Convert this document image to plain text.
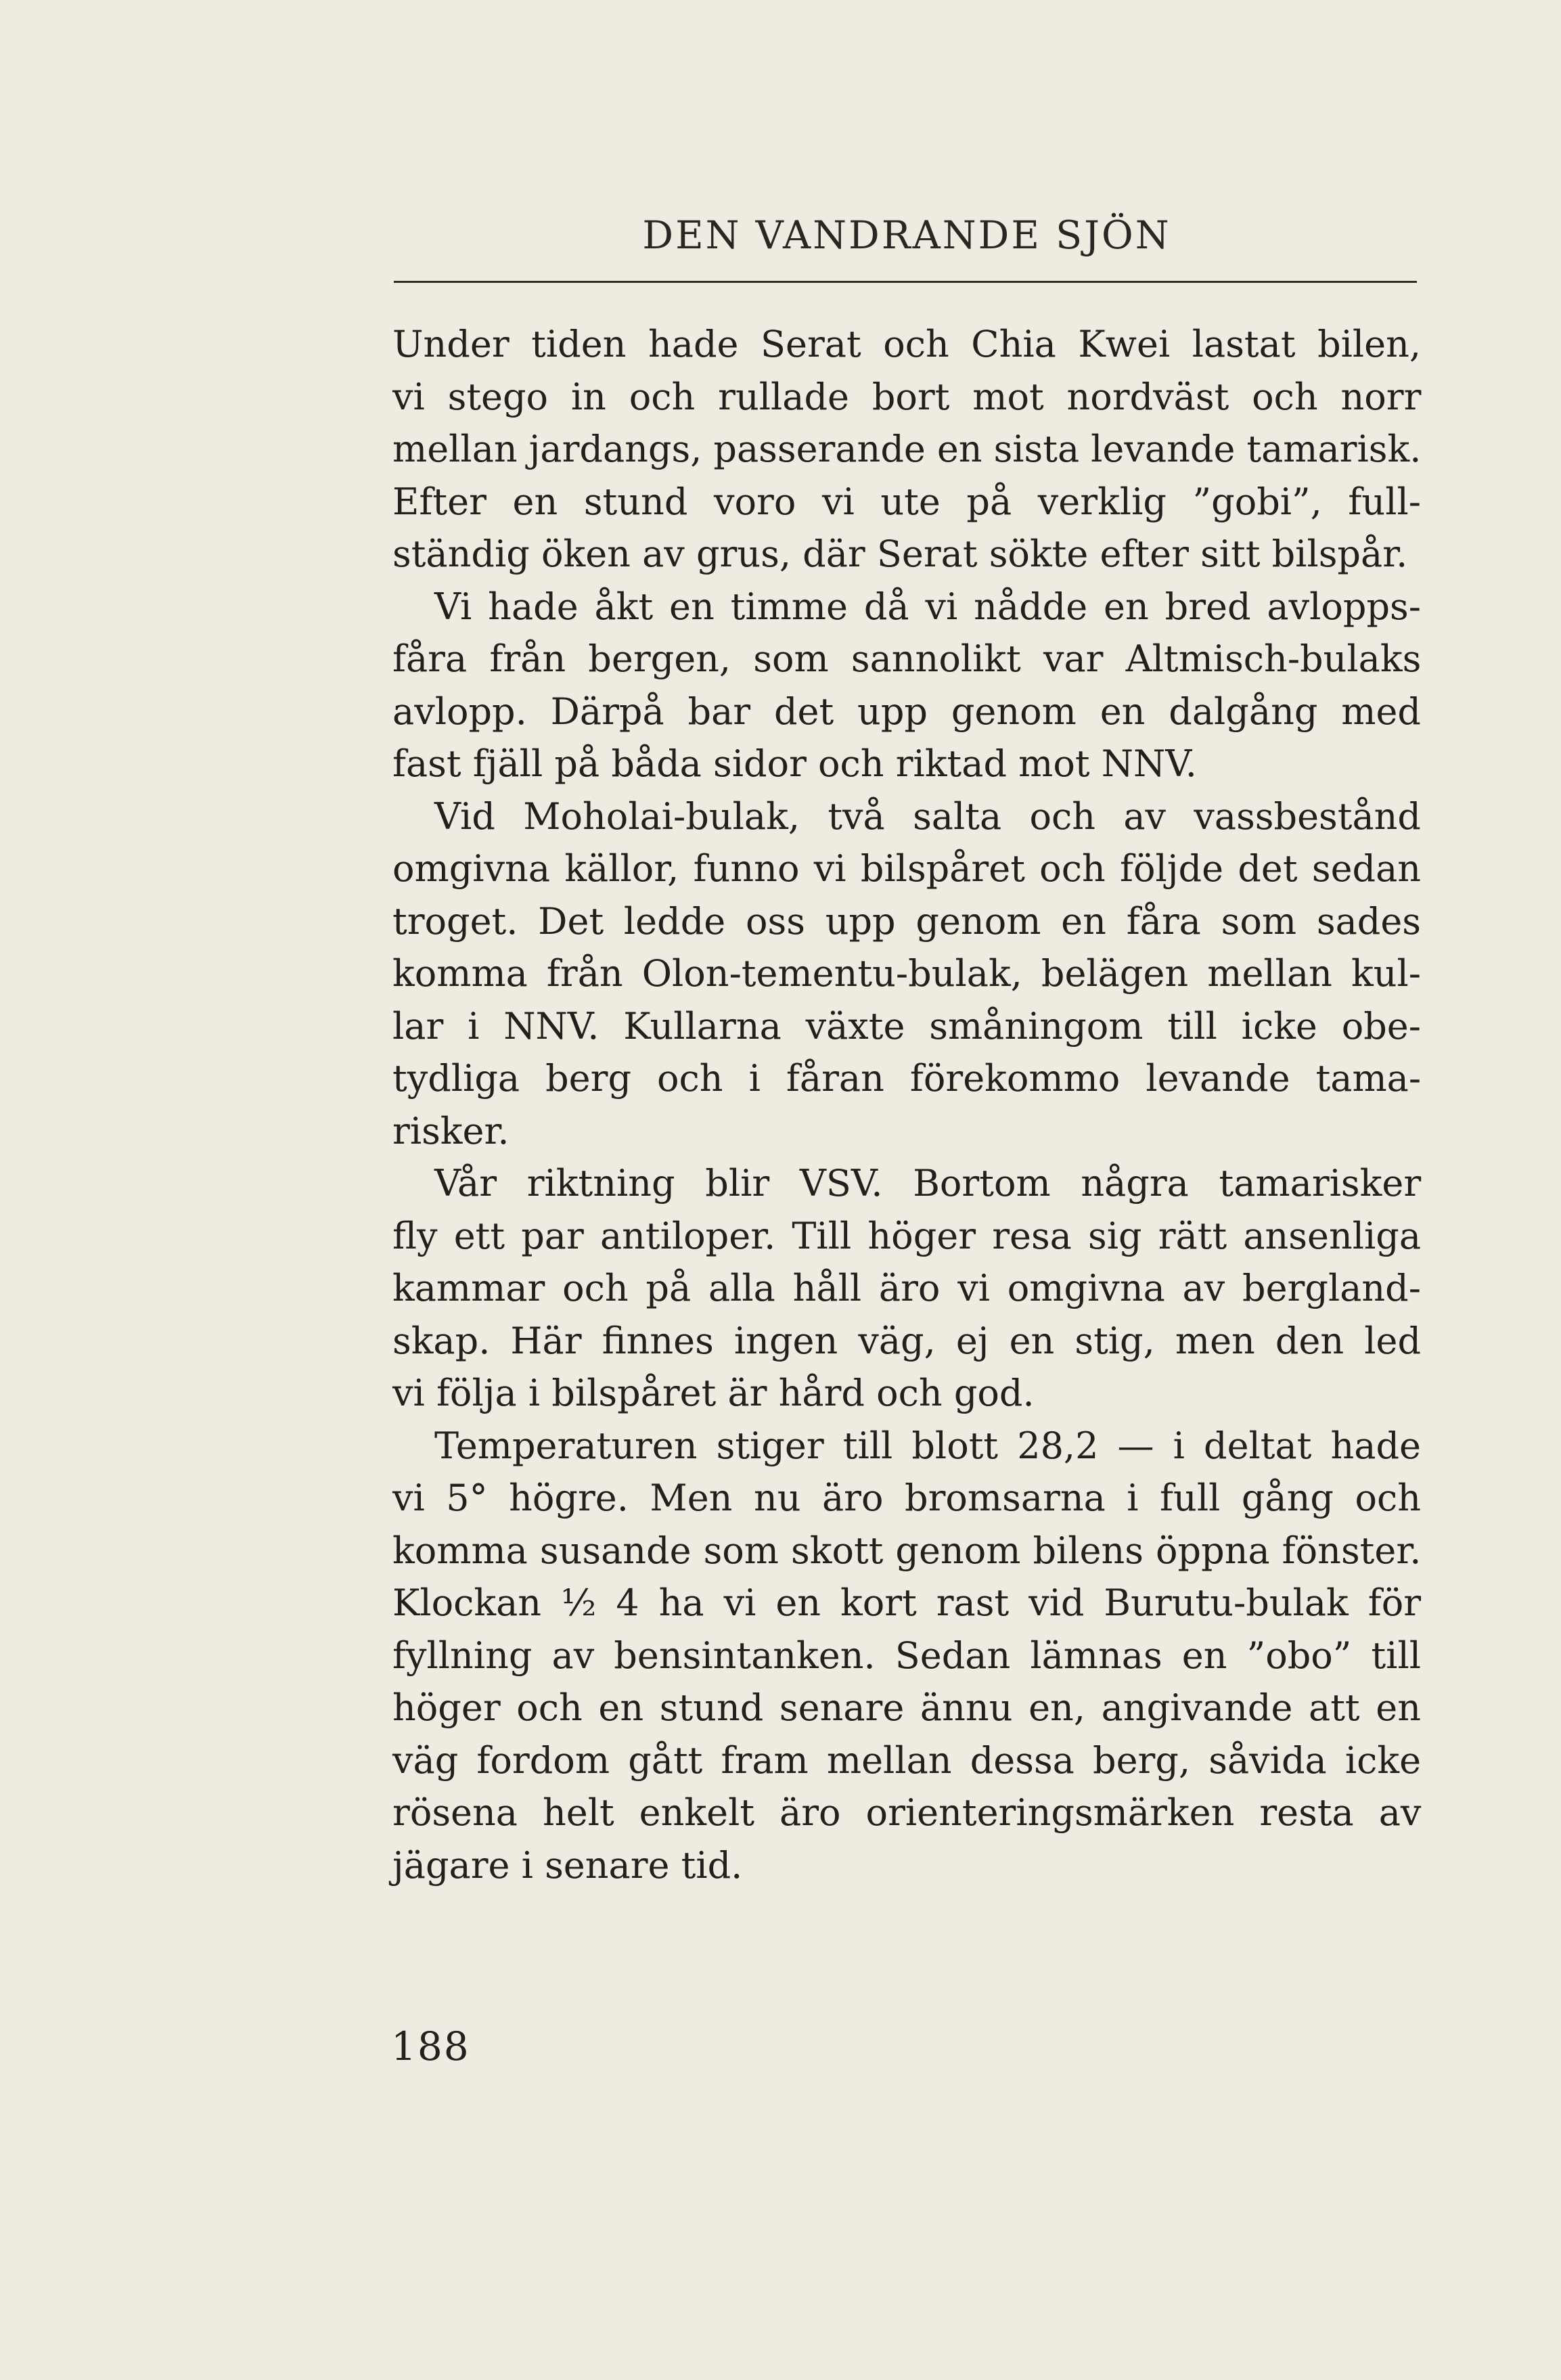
DEN VANDRANDE SJÖN
Under tiden hade Serat och Chia Kwei lastat bilen,
vi stego in och rullade bort mot nordväst och norr
mellan jardangs, passerande en sista levande tamarisk.
Efter en stund voro vi ute på verklig ”gobi”, full-
ständig öken av grus, där Serat sökte efter sitt bilspår.
Vi hade åkt en timme då vi nådde en bred avlopps-
fåra från bergen, som sannolikt var Altmisch-bulaks
avlopp. Därpå bar det upp genom en dalgång med
fast fjäll på båda sidor och riktad mot NNV.
Vid Moholai-bulak, två salta och av vassbestånd
omgivna källor, funno vi bilspåret och följde det sedan
troget. Det ledde oss upp genom en fåra som sades
komma från Olon-tementu-bulak, belägen mellan kul-
lar i NNV. Kullarna växte småningom till icke obe-
tydliga berg och i fåran förekommo levande tama-
risker.
Vår riktning blir VSV. Bortom några tamarisker
fly ett par antiloper. Till höger resa sig rätt ansenliga
kammar och på alla håll äro vi omgivna av bergland-
skap. Här finnes ingen väg, ej en stig, men den led
vi följa i bilspåret är hård och god.
Temperaturen stiger till blott 28,2 — i deltat hade
vi 5° högre. Men nu äro bromsarna i full gång och
komma susande som skott genom bilens öppna fönster.
Klockan ½ 4 ha vi en kort rast vid Burutu-bulak för
fyllning av bensintanken. Sedan lämnas en ”obo” till
höger och en stund senare ännu en, angivande att en
väg fordom gått fram mellan dessa berg, såvida icke
rösena helt enkelt äro orienteringsmärken resta av
jägare i senare tid.
188
